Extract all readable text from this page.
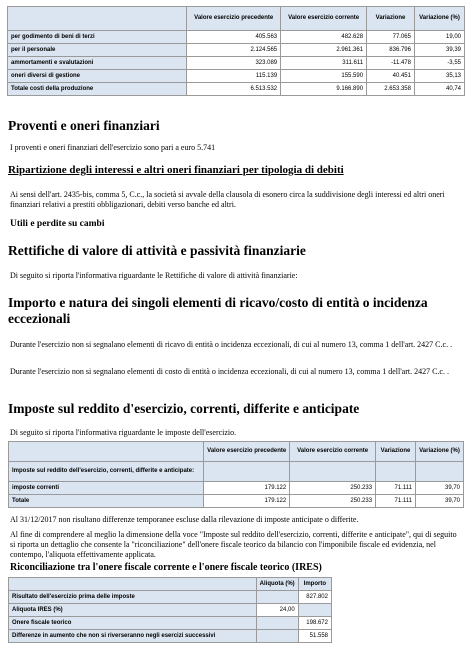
	Valore esercizio precedente	Valore esercizio corrente	Variazione	Variazione (%)
per godimento di beni di terzi	405.563	482.628	77.065	19,00
per il personale	2.124.565	2.961.361	836.796	39,39
ammortamenti e svalutazioni	323.089	311.611	-11.478	-3,55
oneri diversi di gestione	115.139	155.590	40.451	35,13
Totale costi della produzione	6.513.532	9.166.890	2.653.358	40,74
Proventi e oneri finanziari

I proventi e oneri finanziari dell'esercizio sono pari a euro 5.741

Ripartizione degli interessi e altri oneri finanziari per tipologia di debiti

Ai sensi dell'art. 2435-bis, comma 5, C.c., la società si avvale della clausola di esonero circa la suddivisione degli interessi ed altri oneri finanziari relativi a prestiti obbligazionari, debiti verso banche ed altri.

Utili e perdite su cambi
Rettifiche di valore di attività e passività finanziarie

Di seguito si riporta l'informativa riguardante le Rettifiche di valore di attività finanziarie:

Importo e natura dei singoli elementi di ricavo/costo di entità o incidenza eccezionali

Durante l'esercizio non si segnalano elementi di ricavo di entità o incidenza eccezionali, di cui al numero 13, comma 1 dell'art. 2427 C.c. .

Durante l'esercizio non si segnalano elementi di costo di entità o incidenza eccezionali, di cui al numero 13, comma 1 dell'art. 2427 C.c. .

Imposte sul reddito d'esercizio, correnti, differite e anticipate

Di seguito si riporta l'informativa riguardante le imposte dell'esercizio.

	Valore esercizio precedente	Valore esercizio corrente	Variazione	Variazione (%)
Imposte sul reddito dell'esercizio, correnti, differite e anticipate:				
imposte correnti	179.122	250.233	71.111	39,70
Totale	179.122	250.233	71.111	39,70

Al 31/12/2017 non risultano differenze temporanee escluse dalla rilevazione di imposte anticipate o differite.

Al fine di comprendere al meglio la dimensione della voce "Imposte sul reddito dell'esercizio, correnti, differite e anticipate", qui di seguito si riporta un dettaglio che consente la "riconciliazione" dell'onere fiscale teorico da bilancio con l'imponibile fiscale ed evidenzia, nel contempo, l'aliquota effettivamente applicata.

Riconciliazione tra l'onere fiscale corrente e l'onere fiscale teorico (IRES)
	Aliquota (%)	Importo
Risultato dell'esercizio prima delle imposte		827.802
Aliquota IRES (%)	24,00	
Onere fiscale teorico		198.672
Differenze in aumento che non si riverseranno negli esercizi successivi		51.558
